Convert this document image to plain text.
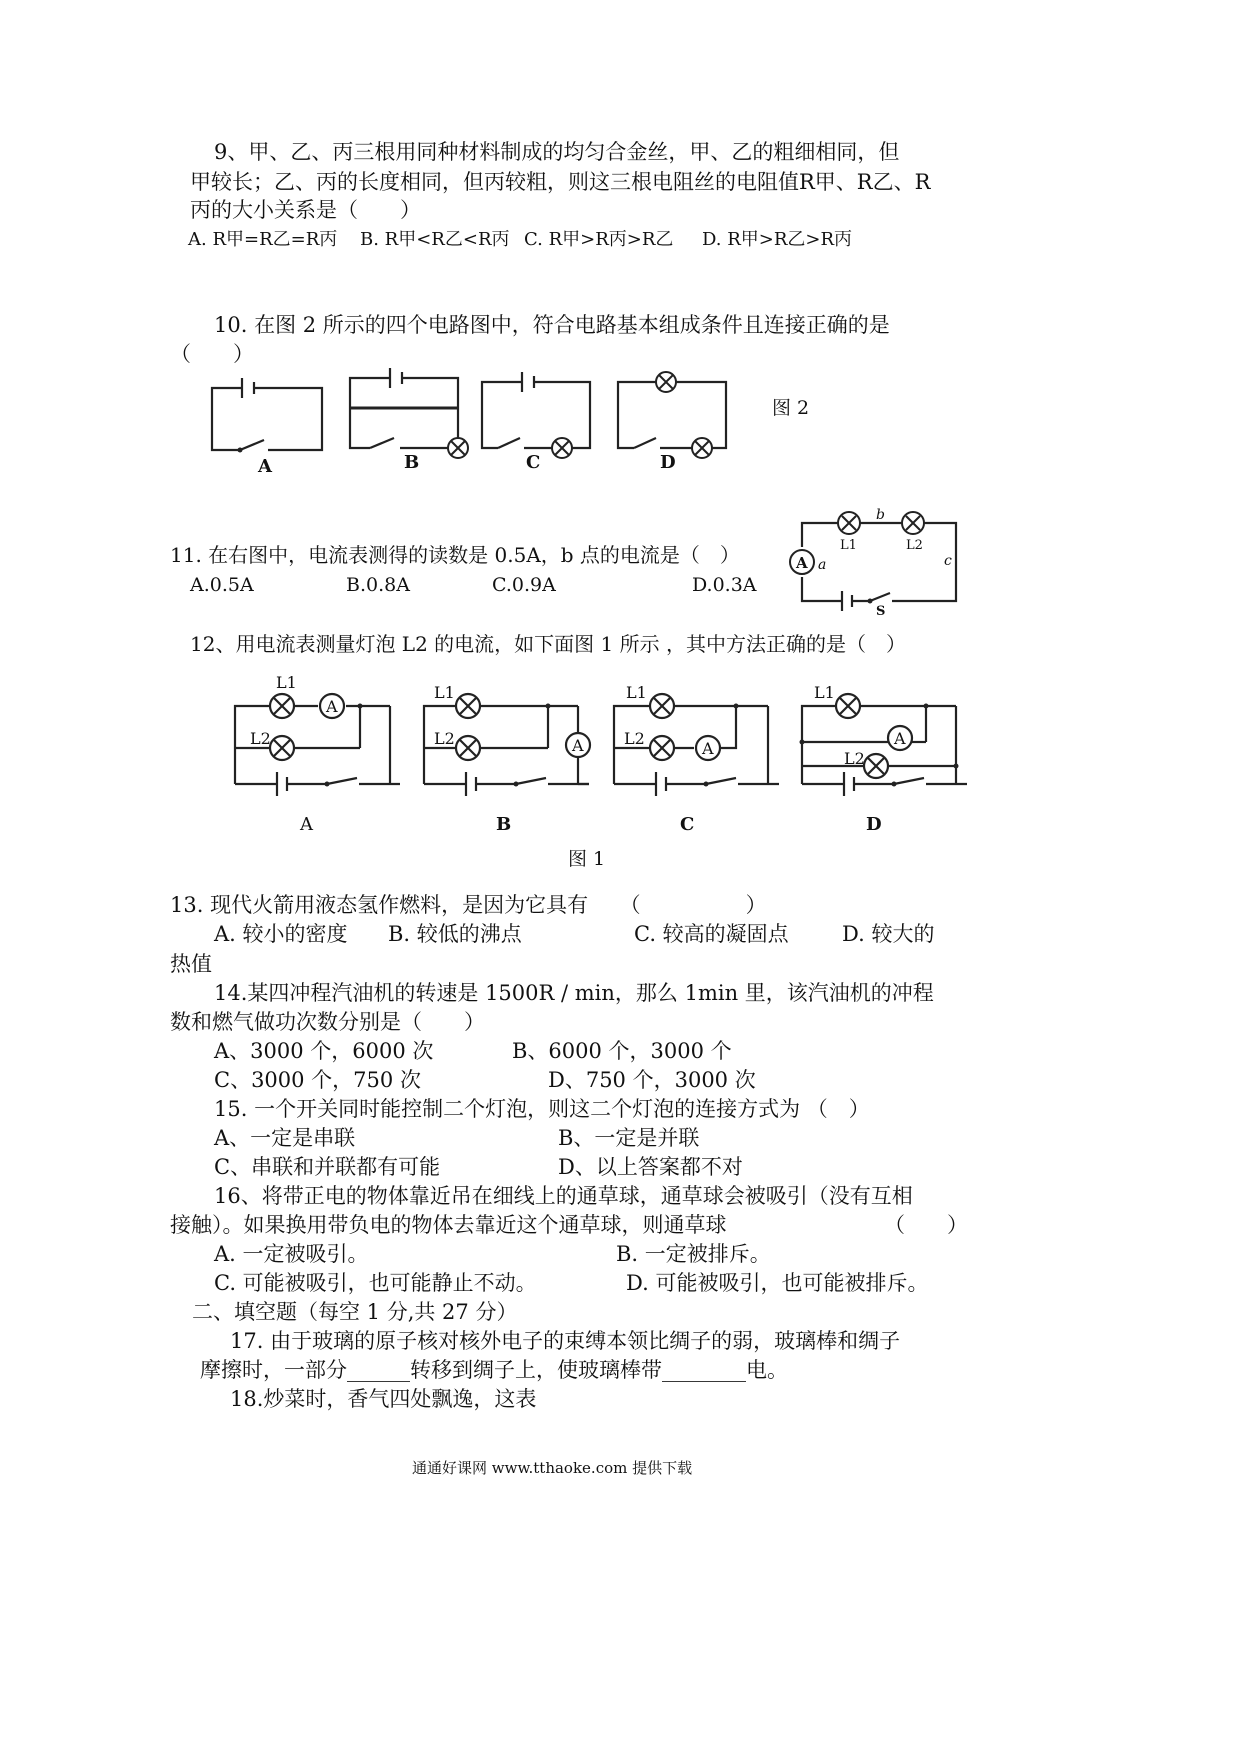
9、甲、乙、丙三根用同种材料制成的均匀合金丝，甲、乙的粗细相同，但
甲较长；乙、丙的长度相同，但丙较粗，则这三根电阻丝的电阻值R甲、R乙、R
丙的大小关系是（　　）
A. R甲=R乙=R丙 B. R甲<R乙<R丙 C. R甲>R丙>R乙 D. R甲>R乙>R丙
10. 在图 2 所示的四个电路图中，符合电路基本组成条件且连接正确的是
（　　）
A	B	C	D
图 2
11. 在右图中，电流表测得的读数是 0.5A，b 点的电流是（　）
A.0.5A	B.0.8A	C.0.9A	D.0.3A
A a
b
c
L1	L2
S
12、用电流表测量灯泡 L2 的电流，如下面图 1 所示 ，其中方法正确的是（　）
A
L1
L2
L1
L2
L1
L2
L1
L2
A	B	C	D
图 1
13. 现代火箭用液态氢作燃料，是因为它具有　　（　　　　　）
A. 较小的密度 B. 较低的沸点	C. 较高的凝固点	D. 较大的
热值
14.某四冲程汽油机的转速是 1500R / min，那么 1min 里，该汽油机的冲程
数和燃气做功次数分别是（　　）
A、3000 个，6000 次	B、6000 个，3000 个
C、3000 个，750 次	D、750 个，3000 次
15. 一个开关同时能控制二个灯泡，则这二个灯泡的连接方式为 （　）
A、一定是串联	B、一定是并联
C、串联和并联都有可能	D、以上答案都不对
16、将带正电的物体靠近吊在细线上的通草球，通草球会被吸引（没有互相
接触）。如果换用带负电的物体去靠近这个通草球，则通草球	（　　）
A. 一定被吸引。	B. 一定被排斥。
C. 可能被吸引，也可能静止不动。	D. 可能被吸引，也可能被排斥。
二、填空题（每空 1 分,共 27 分）
17. 由于玻璃的原子核对核外电子的束缚本领比绸子的弱，玻璃棒和绸子
摩擦时，一部分______转移到绸子上，使玻璃棒带________电。
18.炒菜时，香气四处飘逸，这表
通通好课网 www.tthaoke.com 提供下载
